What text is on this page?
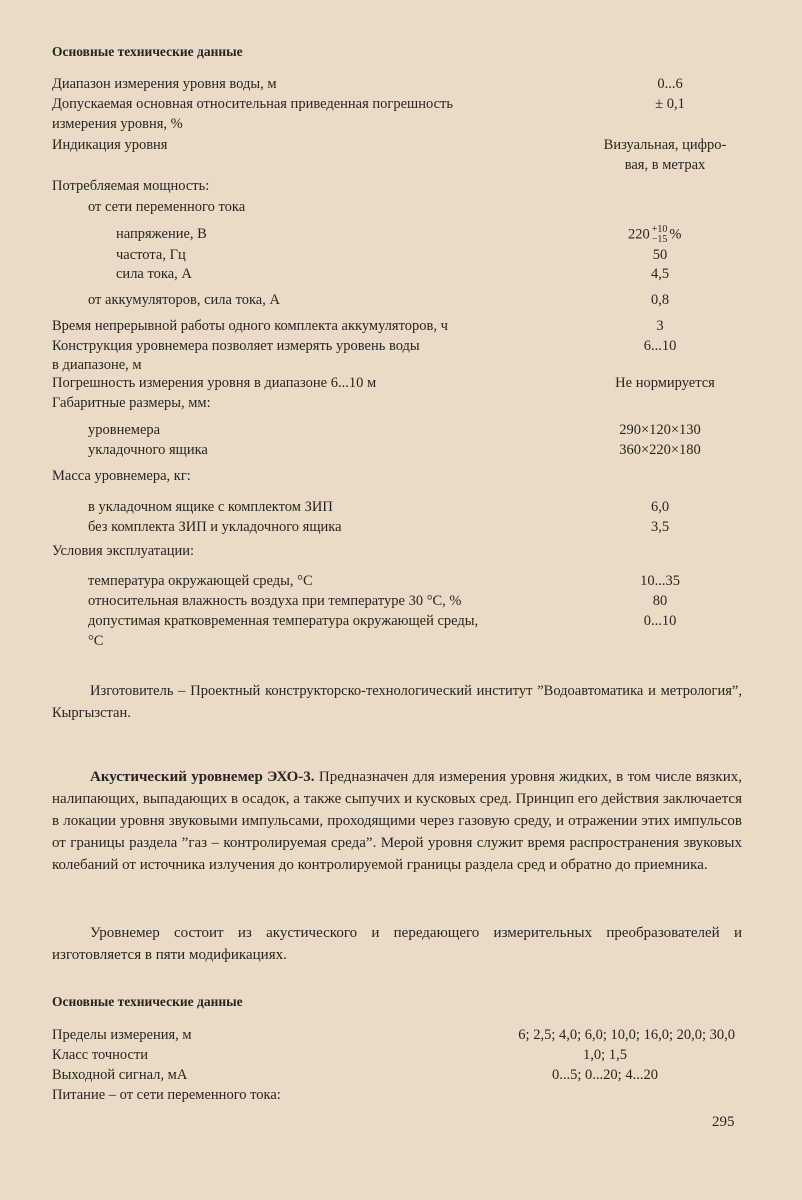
Основные технические данные
Диапазон измерения уровня воды, м	0...6
Допускаемая основная относительная приведенная погрешность	± 0,1
измерения уровня, %
Индикация уровня	Визуальная, цифро-
вая, в метрах
Потребляемая мощность:
от сети переменного тока
напряжение, В	220 +10
−15 %
частота, Гц	50
сила тока, А	4,5
от аккумуляторов, сила тока, А	0,8
Время непрерывной работы одного комплекта аккумуляторов, ч	3
Конструкция уровнемера позволяет измерять уровень воды	6...10
в диапазоне, м
Погрешность измерения уровня в диапазоне 6...10 м	Не нормируется
Габаритные размеры, мм:
уровнемера	290×120×130
укладочного ящика	360×220×180
Масса уровнемера, кг:
в укладочном ящике с комплектом ЗИП	6,0
без комплекта ЗИП и укладочного ящика	3,5
Условия эксплуатации:
температура окружающей среды, °С	10...35
относительная влажность воздуха при температуре 30 °С, %	80
допустимая кратковременная температура окружающей среды,	0...10
°С
Изготовитель – Проектный конструкторско-технологический институт ”Водоавтоматика и метрология”, Кыргызстан.
Акустический уровнемер ЭХО-3. Предназначен для измерения уровня жидких, в том числе вязких, налипающих, выпадающих в осадок, а также сыпучих и кусковых сред. Принцип его действия заключается в локации уровня звуковыми импульсами, проходящими через газовую среду, и отражении этих импульсов от границы раздела ”газ – контролируемая среда”. Мерой уровня служит время распространения звуковых колебаний от источника излучения до контролируемой границы раздела сред и обратно до приемника.
Уровнемер состоит из акустического и передающего измерительных преобразователей и изготовляется в пяти модификациях.
Основные технические данные
Пределы измерения, м	6; 2,5; 4,0; 6,0; 10,0; 16,0; 20,0; 30,0
Класс точности	1,0; 1,5
Выходной сигнал, мА	0...5; 0...20; 4...20
Питание – от сети переменного тока:
295
